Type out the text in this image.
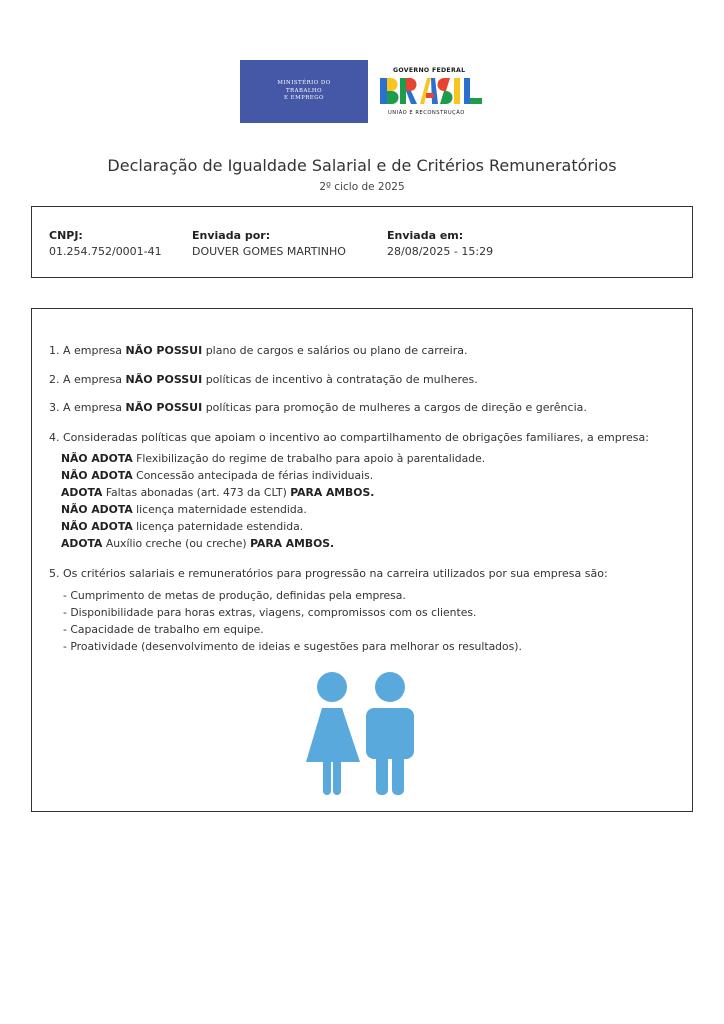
MINISTÉRIO DO
TRABALHO
E EMPREGO
GOVERNO FEDERAL
UNIÃO E RECONSTRUÇÃO
Declaração de Igualdade Salarial e de Critérios Remuneratórios
2º ciclo de 2025
CNPJ:
01.254.752/0001-41
Enviada por:
DOUVER GOMES MARTINHO
Enviada em:
28/08/2025 - 15:29
1. A empresa NÃO POSSUI plano de cargos e salários ou plano de carreira.
2. A empresa NÃO POSSUI políticas de incentivo à contratação de mulheres.
3. A empresa NÃO POSSUI políticas para promoção de mulheres a cargos de direção e gerência.
4. Consideradas políticas que apoiam o incentivo ao compartilhamento de obrigações familiares, a empresa:
NÃO ADOTA Flexibilização do regime de trabalho para apoio à parentalidade.
NÃO ADOTA Concessão antecipada de férias individuais.
ADOTA Faltas abonadas (art. 473 da CLT) PARA AMBOS.
NÃO ADOTA licença maternidade estendida.
NÃO ADOTA licença paternidade estendida.
ADOTA Auxílio creche (ou creche) PARA AMBOS.
5. Os critérios salariais e remuneratórios para progressão na carreira utilizados por sua empresa são:
- Cumprimento de metas de produção, definidas pela empresa.
- Disponibilidade para horas extras, viagens, compromissos com os clientes.
- Capacidade de trabalho em equipe.
- Proatividade (desenvolvimento de ideias e sugestões para melhorar os resultados).
